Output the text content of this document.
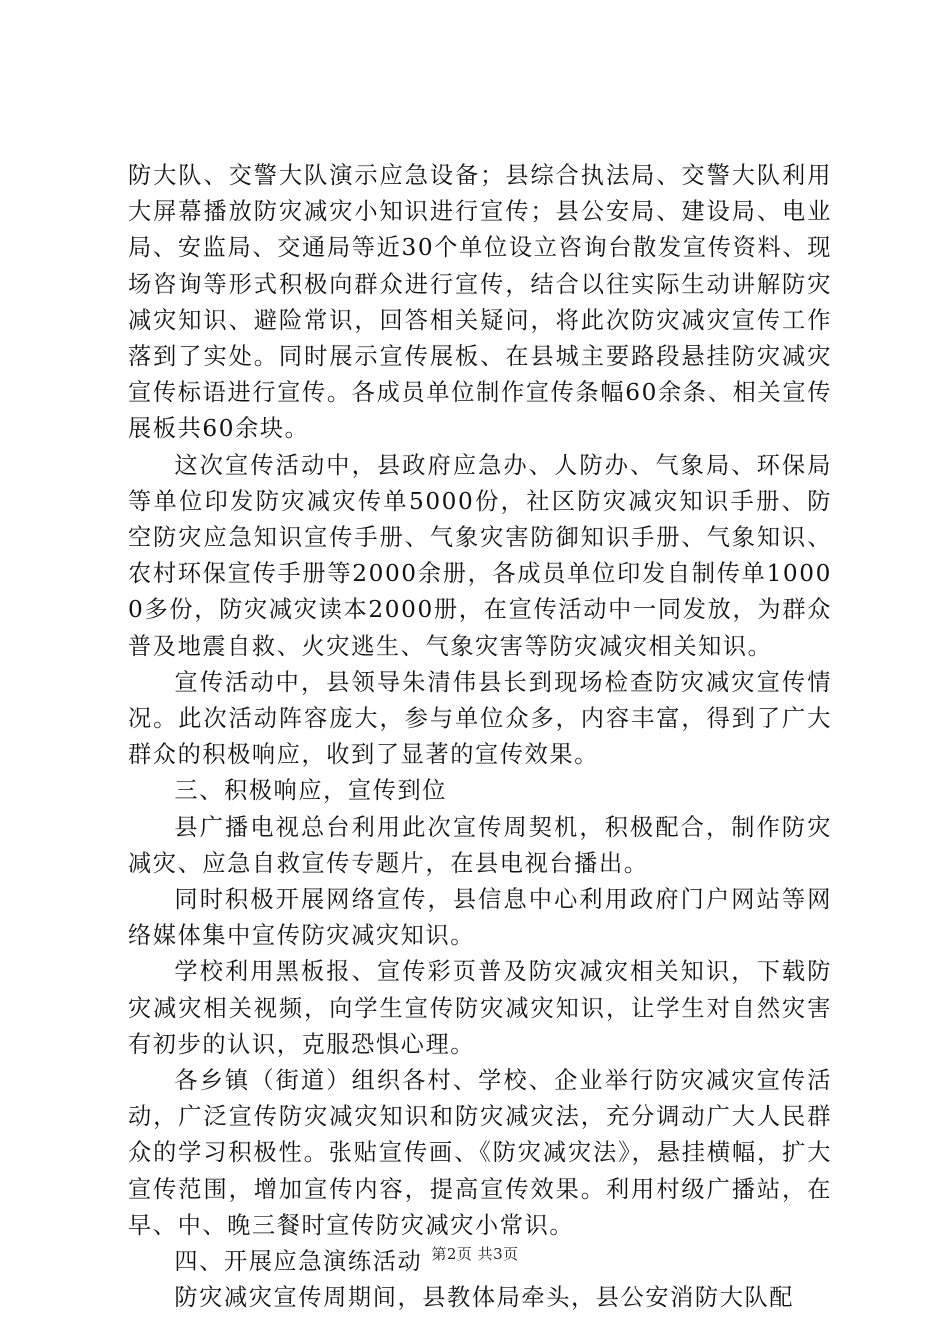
防大队、交警大队演示应急设备；县综合执法局、交警大队利用大屏幕播放防灾减灾小知识进行宣传；县公安局、建设局、电业局、安监局、交通局等近30个单位设立咨询台散发宣传资料、现场咨询等形式积极向群众进行宣传，结合以往实际生动讲解防灾减灾知识、避险常识，回答相关疑问，将此次防灾减灾宣传工作落到了实处。同时展示宣传展板、在县城主要路段悬挂防灾减灾宣传标语进行宣传。各成员单位制作宣传条幅60余条、相关宣传展板共60余块。

这次宣传活动中，县政府应急办、人防办、气象局、环保局等单位印发防灾减灾传单5000份，社区防灾减灾知识手册、防空防灾应急知识宣传手册、气象灾害防御知识手册、气象知识、农村环保宣传手册等2000余册，各成员单位印发自制传单10000多份，防灾减灾读本2000册，在宣传活动中一同发放，为群众普及地震自救、火灾逃生、气象灾害等防灾减灾相关知识。

宣传活动中，县领导朱清伟县长到现场检查防灾减灾宣传情况。此次活动阵容庞大，参与单位众多，内容丰富，得到了广大群众的积极响应，收到了显著的宣传效果。

三、积极响应，宣传到位

县广播电视总台利用此次宣传周契机，积极配合，制作防灾减灾、应急自救宣传专题片，在县电视台播出。

同时积极开展网络宣传，县信息中心利用政府门户网站等网络媒体集中宣传防灾减灾知识。

学校利用黑板报、宣传彩页普及防灾减灾相关知识，下载防灾减灾相关视频，向学生宣传防灾减灾知识，让学生对自然灾害有初步的认识，克服恐惧心理。

各乡镇（街道）组织各村、学校、企业举行防灾减灾宣传活动，广泛宣传防灾减灾知识和防灾减灾法，充分调动广大人民群众的学习积极性。张贴宣传画、《防灾减灾法》，悬挂横幅，扩大宣传范围，增加宣传内容，提高宣传效果。利用村级广播站，在早、中、晚三餐时宣传防灾减灾小常识。

四、开展应急演练活动

防灾减灾宣传周期间，县教体局牵头，县公安消防大队配

第2页 共3页
